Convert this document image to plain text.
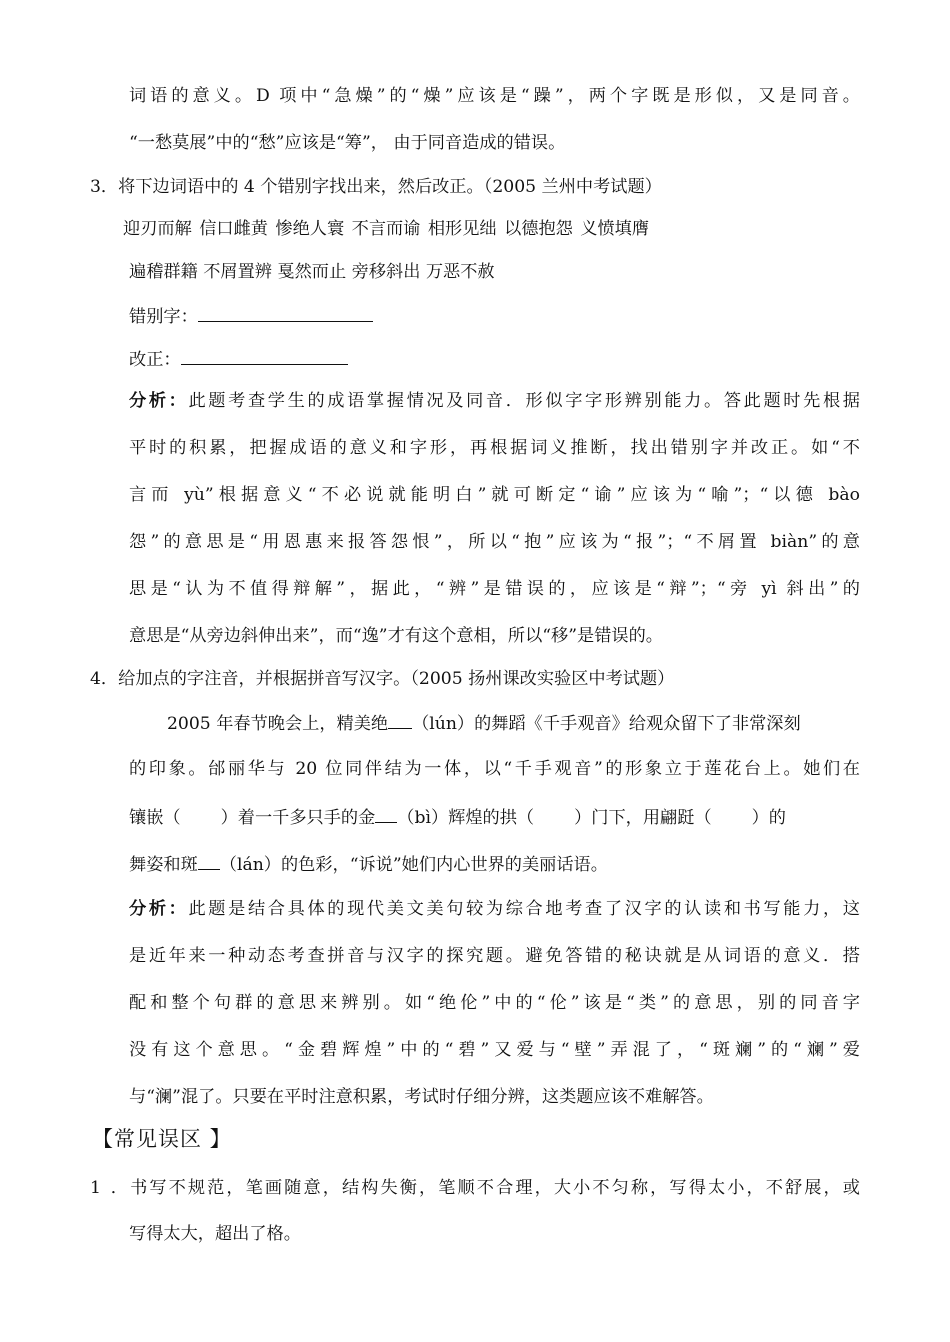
词语的意义。D 项中“急燥”的“燥”应该是“躁”，两个字既是形似，又是同音。
“一愁莫展”中的“愁”应该是“筹”， 由于同音造成的错误。
3．将下边词语中的 4 个错别字找出来，然后改正。（2005 兰州中考试题）
迎刃而解 信口雌黄 惨绝人寰 不言而谕 相形见绌 以德抱怨 义愤填膺
遍稽群籍 不屑置辨 戛然而止 旁移斜出 万恶不赦
错别字：
改正：
分析：此题考查学生的成语掌握情况及同音．形似字字形辨别能力。答此题时先根据
平时的积累，把握成语的意义和字形，再根据词义推断，找出错别字并改正。如“不
言而 yù”根据意义“不必说就能明白”就可断定“谕”应该为“喻”；“以德 bào
怨”的意思是“用恩惠来报答怨恨”，所以“抱”应该为“报”；“不屑置 biàn”的意
思是“认为不值得辩解”，据此，“辨”是错误的，应该是“辩”；“旁 yì 斜出”的
意思是“从旁边斜伸出来”，而“逸”才有这个意相，所以“移”是错误的。
4．给加点的字注音，并根据拼音写汉字。（2005 扬州课改实验区中考试题）
2005 年春节晚会上，精美绝 （lún）的舞蹈《千手观音》给观众留下了非常深刻
的印象。邰丽华与 20 位同伴结为一体，以“千手观音”的形象立于莲花台上。她们在
镶嵌（ ）着一千多只手的金 （bì）辉煌的拱（ ）门下，用翩跹（ ）的
舞姿和斑 （lán）的色彩，“诉说”她们内心世界的美丽话语。
分析：此题是结合具体的现代美文美句较为综合地考查了汉字的认读和书写能力，这
是近年来一种动态考查拼音与汉字的探究题。避免答错的秘诀就是从词语的意义．搭
配和整个句群的意思来辨别。如“绝伦”中的“伦”该是“类”的意思，别的同音字
没有这个意思。“金碧辉煌”中的“碧”又爱与“壁”弄混了，“斑斓”的“斓”爱
与“澜”混了。只要在平时注意积累，考试时仔细分辨，这类题应该不难解答。
【常见误区 】
1．书写不规范，笔画随意，结构失衡，笔顺不合理，大小不匀称，写得太小，不舒展，或
写得太大，超出了格。
